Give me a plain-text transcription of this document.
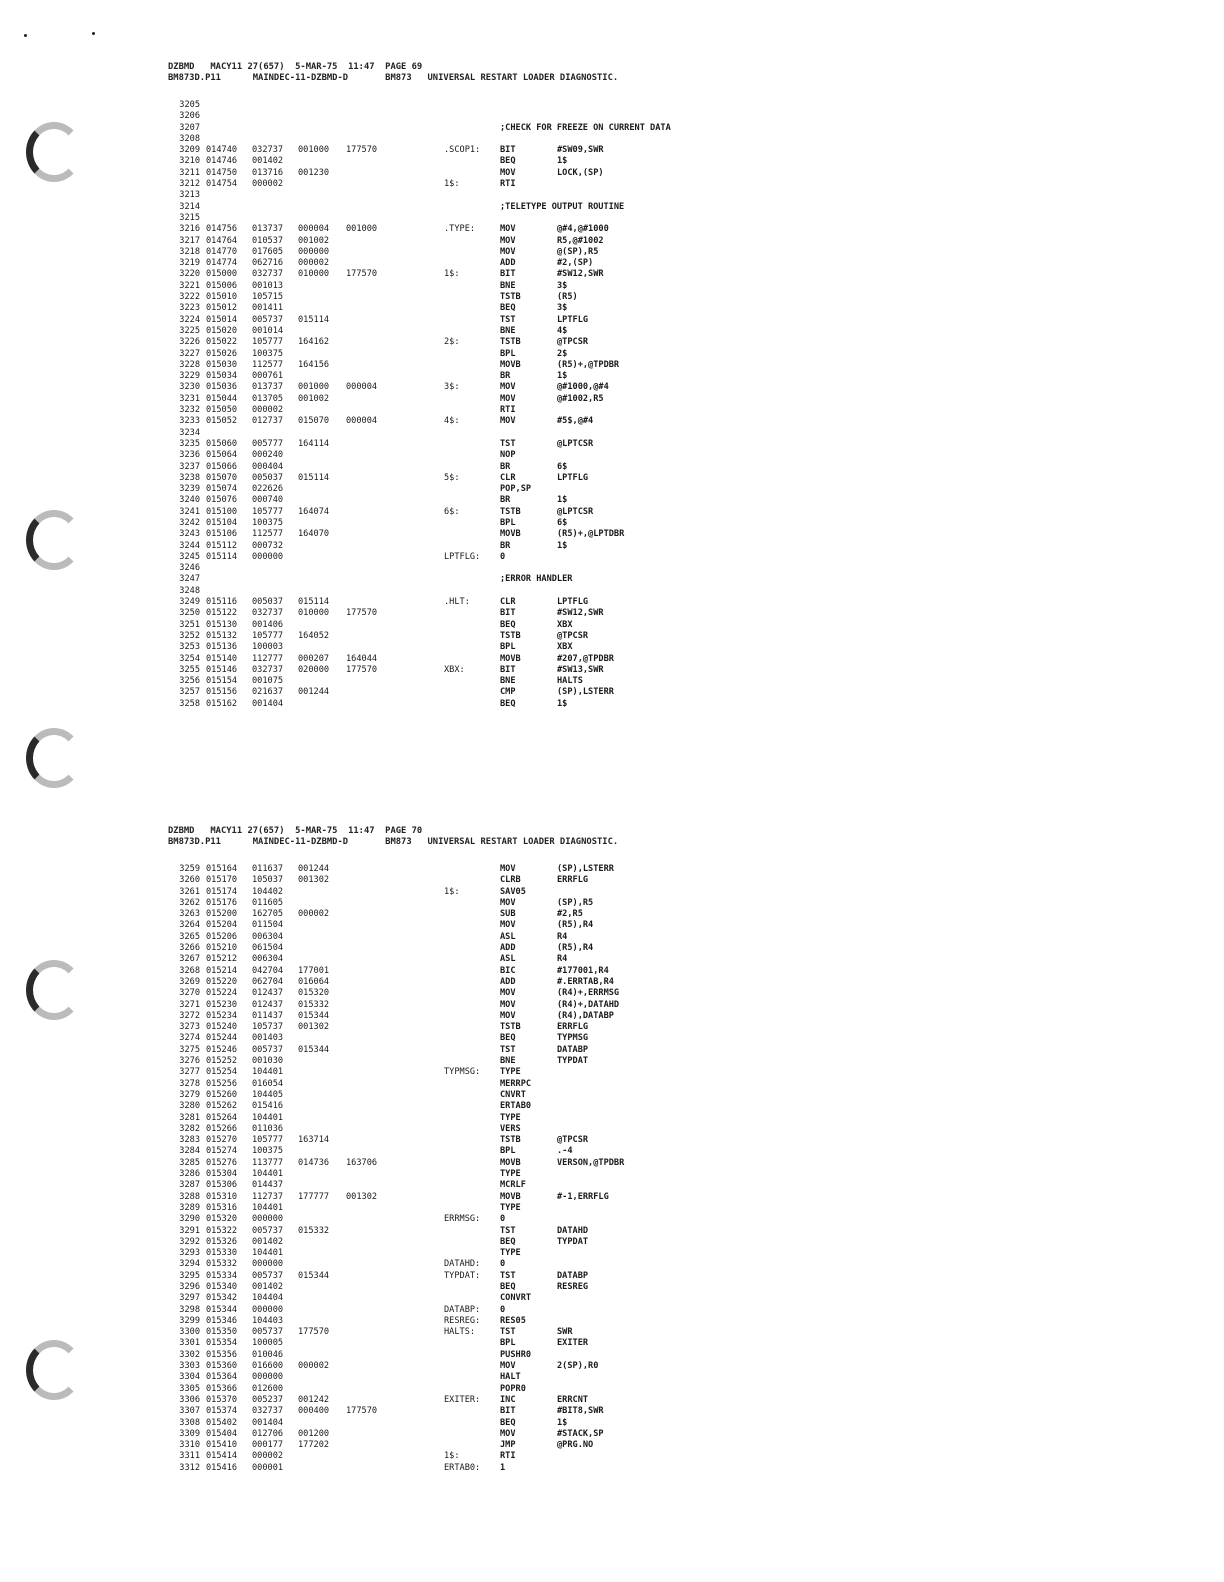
DZBMD   MACY11 27(657)  5-MAR-75  11:47  PAGE 69
BM873D.P11      MAINDEC-11-DZBMD-D       BM873   UNIVERSAL RESTART LOADER DIAGNOSTIC.
3205
3206
3207	;CHECK FOR FREEZE ON CURRENT DATA
3208
3209 014740 032737 001000 177570	.SCOP1: BIT	#SW09,SWR
3210 014746 001402	BEQ	1$
3211 014750 013716 001230	MOV	LOCK,(SP)
3212 014754 000002	1$:	RTI
3213
3214	;TELETYPE OUTPUT ROUTINE
3215
3216 014756 013737 000004 001000	.TYPE:	MOV	@#4,@#1000
3217 014764 010537 001002	MOV	R5,@#1002
3218 014770 017605 000000	MOV	@(SP),R5
3219 014774 062716 000002	ADD	#2,(SP)
3220 015000 032737 010000 177570	1$:	BIT	#SW12,SWR
3221 015006 001013	BNE	3$
3222 015010 105715	TSTB	(R5)
3223 015012 001411	BEQ	3$
3224 015014 005737 015114	TST	LPTFLG
3225 015020 001014	BNE	4$
3226 015022 105777 164162	2$:	TSTB	@TPCSR
3227 015026 100375	BPL	2$
3228 015030 112577 164156	MOVB	(R5)+,@TPDBR
3229 015034 000761	BR	1$
3230 015036 013737 001000 000004	3$:	MOV	@#1000,@#4
3231 015044 013705 001002	MOV	@#1002,R5
3232 015050 000002	RTI
3233 015052 012737 015070 000004	4$:	MOV	#5$,@#4
3234
3235 015060 005777 164114	TST	@LPTCSR
3236 015064 000240	NOP
3237 015066 000404	BR	6$
3238 015070 005037 015114	5$:	CLR	LPTFLG
3239 015074 022626	POP,SP
3240 015076 000740	BR	1$
3241 015100 105777 164074	6$:	TSTB	@LPTCSR
3242 015104 100375	BPL	6$
3243 015106 112577 164070	MOVB	(R5)+,@LPTDBR
3244 015112 000732	BR	1$
3245 015114 000000	LPTFLG: 0
3246
3247	;ERROR HANDLER
3248
3249 015116 005037 015114	.HLT:	CLR	LPTFLG
3250 015122 032737 010000 177570	BIT	#SW12,SWR
3251 015130 001406	BEQ	XBX
3252 015132 105777 164052	TSTB	@TPCSR
3253 015136 100003	BPL	XBX
3254 015140 112777 000207 164044	MOVB	#207,@TPDBR
3255 015146 032737 020000 177570	XBX:	BIT	#SW13,SWR
3256 015154 001075	BNE	HALTS
3257 015156 021637 001244	CMP	(SP),LSTERR
3258 015162 001404	BEQ	1$
DZBMD   MACY11 27(657)  5-MAR-75  11:47  PAGE 70
BM873D.P11      MAINDEC-11-DZBMD-D       BM873   UNIVERSAL RESTART LOADER DIAGNOSTIC.
3259 015164 011637 001244	MOV	(SP),LSTERR
3260 015170 105037 001302	CLRB	ERRFLG
3261 015174 104402	1$:	SAV05
3262 015176 011605	MOV	(SP),R5
3263 015200 162705 000002	SUB	#2,R5
3264 015204 011504	MOV	(R5),R4
3265 015206 006304	ASL	R4
3266 015210 061504	ADD	(R5),R4
3267 015212 006304	ASL	R4
3268 015214 042704 177001	BIC	#177001,R4
3269 015220 062704 016064	ADD	#.ERRTAB,R4
3270 015224 012437 015320	MOV	(R4)+,ERRMSG
3271 015230 012437 015332	MOV	(R4)+,DATAHD
3272 015234 011437 015344	MOV	(R4),DATABP
3273 015240 105737 001302	TSTB	ERRFLG
3274 015244 001403	BEQ	TYPMSG
3275 015246 005737 015344	TST	DATABP
3276 015252 001030	BNE	TYPDAT
3277 015254 104401	TYPMSG: TYPE
3278 015256 016054	MERRPC
3279 015260 104405	CNVRT
3280 015262 015416	ERTAB0
3281 015264 104401	TYPE
3282 015266 011036	VERS
3283 015270 105777 163714	TSTB	@TPCSR
3284 015274 100375	BPL	.-4
3285 015276 113777 014736 163706	MOVB	VERSON,@TPDBR
3286 015304 104401	TYPE
3287 015306 014437	MCRLF
3288 015310 112737 177777 001302	MOVB	#-1,ERRFLG
3289 015316 104401	TYPE
3290 015320 000000	ERRMSG: 0
3291 015322 005737 015332	TST	DATAHD
3292 015326 001402	BEQ	TYPDAT
3293 015330 104401	TYPE
3294 015332 000000	DATAHD: 0
3295 015334 005737 015344	TYPDAT: TST	DATABP
3296 015340 001402	BEQ	RESREG
3297 015342 104404	CONVRT
3298 015344 000000	DATABP: 0
3299 015346 104403	RESREG: RES05
3300 015350 005737 177570	HALTS:	TST	SWR
3301 015354 100005	BPL	EXITER
3302 015356 010046	PUSHR0
3303 015360 016600 000002	MOV	2(SP),R0
3304 015364 000000	HALT
3305 015366 012600	POPR0
3306 015370 005237 001242	EXITER: INC	ERRCNT
3307 015374 032737 000400 177570	BIT	#BIT8,SWR
3308 015402 001404	BEQ	1$
3309 015404 012706 001200	MOV	#STACK,SP
3310 015410 000177 177202	JMP	@PRG.NO
3311 015414 000002	1$:	RTI
3312 015416 000001	ERTAB0: 1
